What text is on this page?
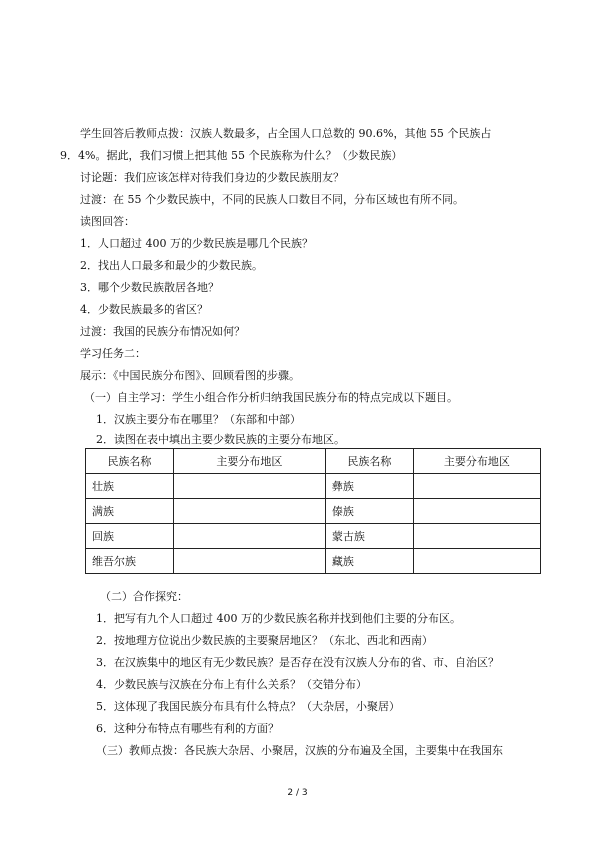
学生回答后教师点拨：汉族人数最多，占全国人口总数的 90.6%，其他 55 个民族占
9．4%。据此，我们习惯上把其他 55 个民族称为什么？（少数民族）
讨论题：我们应该怎样对待我们身边的少数民族朋友？
过渡：在 55 个少数民族中，不同的民族人口数目不同，分布区域也有所不同。
读图回答：
1．人口超过 400 万的少数民族是哪几个民族？
2．找出人口最多和最少的少数民族。
3．哪个少数民族散居各地？
4．少数民族最多的省区？
过渡：我国的民族分布情况如何？
学习任务二：
展示：《中国民族分布图》、回顾看图的步骤。
（一）自主学习：学生小组合作分析归纳我国民族分布的特点完成以下题目。
1．汉族主要分布在哪里？（东部和中部）
2．读图在表中填出主要少数民族的主要分布地区。
民族名称	主要分布地区	民族名称	主要分布地区
壮族		彝族	
满族		傣族	
回族		蒙古族	
维吾尔族		藏族	
（二）合作探究：
1．把写有九个人口超过 400 万的少数民族名称并找到他们主要的分布区。
2．按地理方位说出少数民族的主要聚居地区？（东北、西北和西南）
3．在汉族集中的地区有无少数民族？是否存在没有汉族人分布的省、市、自治区？
4．少数民族与汉族在分布上有什么关系？（交错分布）
5．这体现了我国民族分布具有什么特点？（大杂居，小聚居）
6．这种分布特点有哪些有利的方面？
（三）教师点拨：各民族大杂居、小聚居，汉族的分布遍及全国，主要集中在我国东
2 / 3
